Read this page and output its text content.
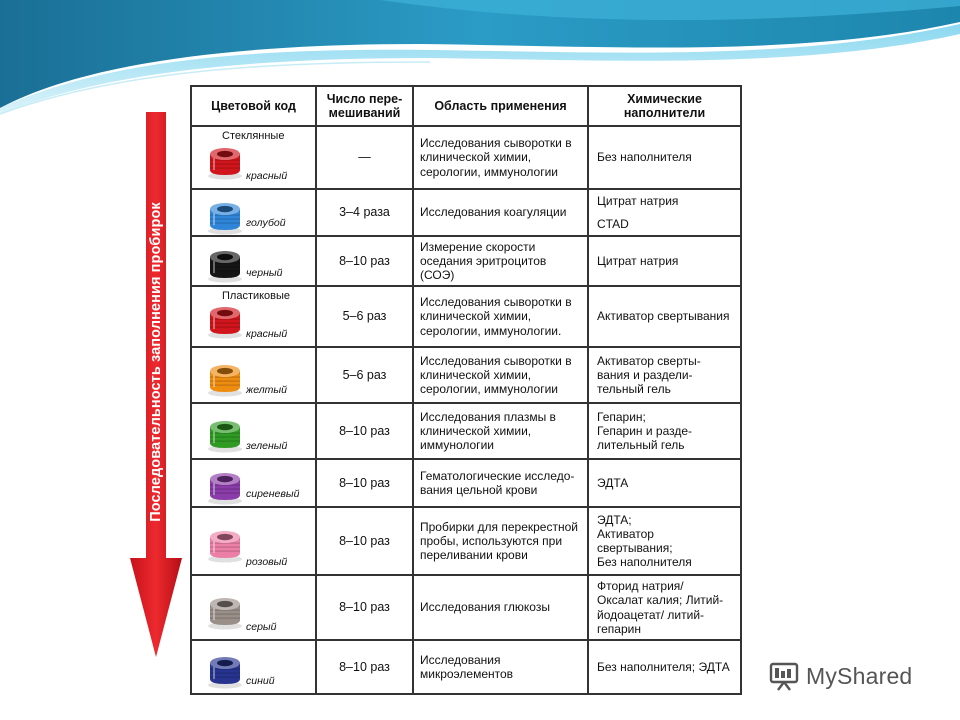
Последовательность заполнения пробирок
Цветовой код	Число пере-мешиваний	Область применения	Химические наполнители

Стеклянные
красный	—	Исследования сыворотки в клинической химии, серологии, иммунологии	Без наполнителя

голубой	3–4 раза	Исследования коагуляции	Цитрат натрия
CTAD

черный	8–10 раз	Измерение скорости оседания эритроцитов (СОЭ)	Цитрат натрия

Пластиковые
красный	5–6 раз	Исследования сыворотки в клинической химии, серологии, иммунологии.	Активатор свертывания

желтый	5–6 раз	Исследования сыворотки в клинической химии, серологии, иммунологии	Активатор сверты-вания и раздели-тельный гель

зеленый	8–10 раз	Исследования плазмы в клинической химии, иммунологии	Гепарин;
Гепарин и разде-лительный гель

сиреневый	8–10 раз	Гематологические исследо-вания цельной крови	ЭДТА

розовый	8–10 раз	Пробирки для перекрестной пробы, используются при переливании крови	ЭДТА;
Активатор свертывания;
Без наполнителя

серый	8–10 раз	Исследования глюкозы	Фторид натрия/ Оксалат калия; Литий-йодоацетат/ литий-гепарин

синий	8–10 раз	Исследования микроэлементов	Без наполнителя; ЭДТА	MyShared
